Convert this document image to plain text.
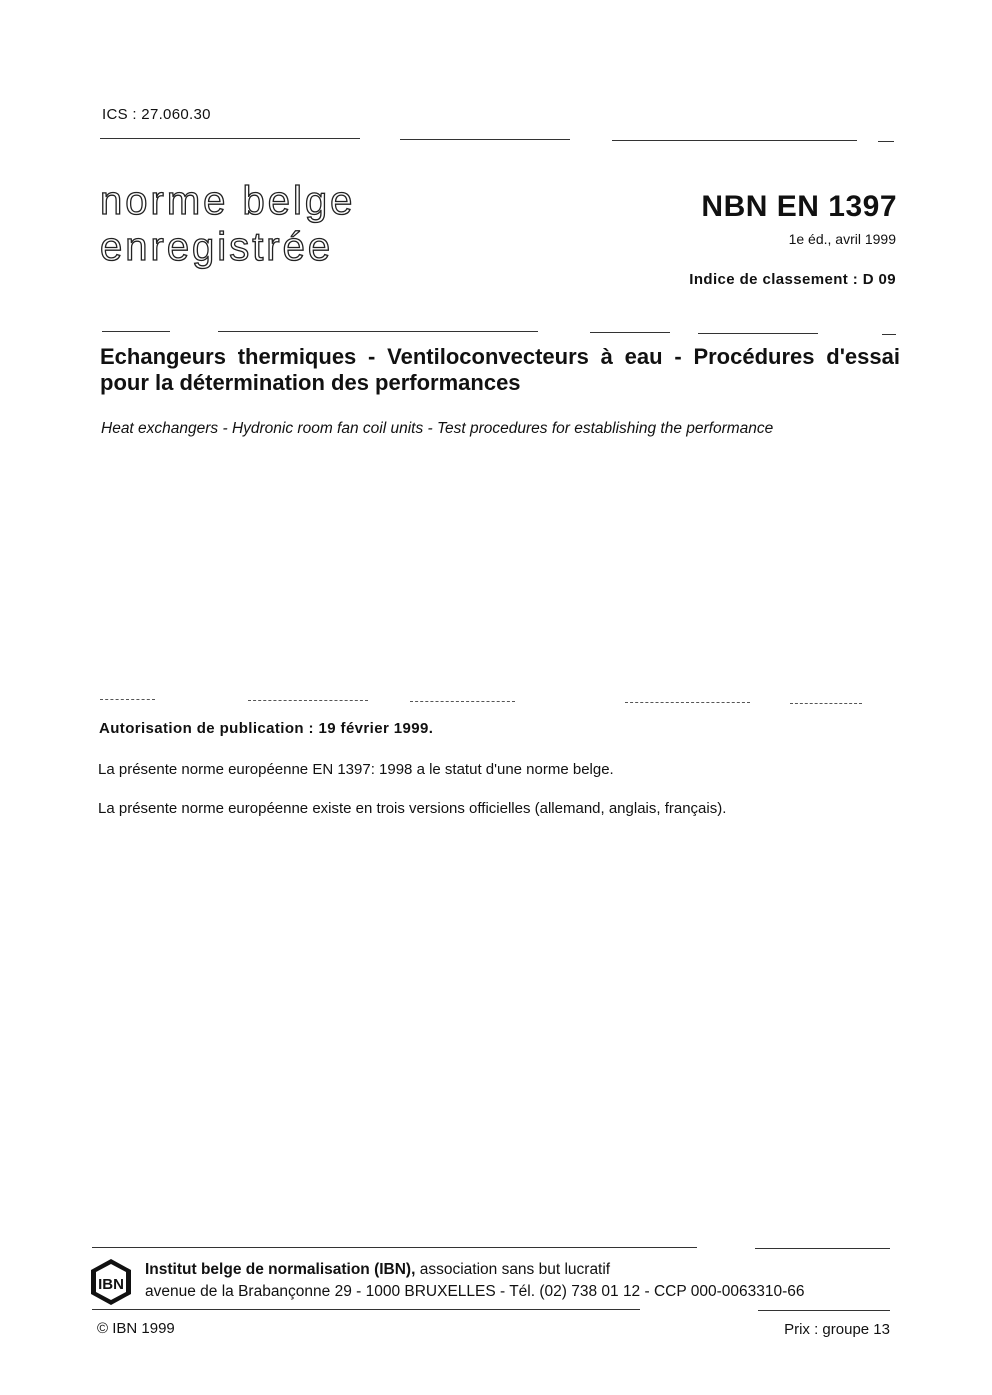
ICS : 27.060.30
norme belge
enregistrée
NBN EN 1397
1e éd., avril 1999
Indice de classement : D 09
Echangeurs thermiques - Ventiloconvecteurs à eau - Procédures d'essai pour la détermination des performances
Heat exchangers - Hydronic room fan coil units - Test procedures for establishing the performance
Autorisation de publication : 19 février 1999.
La présente norme européenne EN 1397: 1998 a le statut d'une norme belge.
La présente norme européenne existe en trois versions officielles (allemand, anglais, français).
IBN
Institut belge de normalisation (IBN), association sans but lucratif
avenue de la Brabançonne 29 - 1000 BRUXELLES - Tél. (02) 738 01 12 - CCP 000-0063310-66
© IBN 1999	Prix : groupe 13
